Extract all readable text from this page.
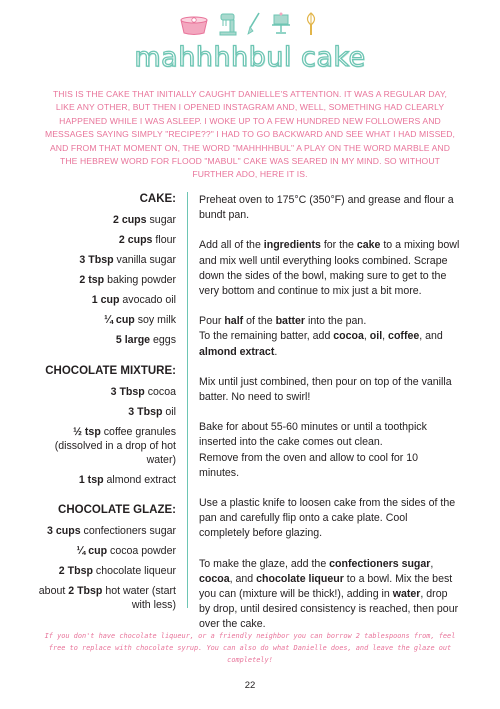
mahhhhbul cake
THIS IS THE CAKE THAT INITIALLY CAUGHT DANIELLE'S ATTENTION. IT WAS A REGULAR DAY, LIKE ANY OTHER, BUT THEN I OPENED INSTAGRAM AND, WELL, SOMETHING HAD CLEARLY HAPPENED WHILE I WAS ASLEEP. I WOKE UP TO A FEW HUNDRED NEW FOLLOWERS AND MESSAGES SAYING SIMPLY "RECIPE??" I HAD TO GO BACKWARD AND SEE WHAT I HAD MISSED, AND FROM THAT MOMENT ON, THE WORD "MAHHHHBUL" A PLAY ON THE WORD MARBLE AND THE HEBREW WORD FOR FLOOD "MABUL" CAKE WAS SEARED IN MY MIND. SO WITHOUT FURTHER ADO, HERE IT IS.
CAKE:
2 cups sugar
2 cups flour
3 Tbsp vanilla sugar
2 tsp baking powder
1 cup avocado oil
¼ cup soy milk
5 large eggs
CHOCOLATE MIXTURE:
3 Tbsp cocoa
3 Tbsp oil
½ tsp coffee granules (dissolved in a drop of hot water)
1 tsp almond extract
CHOCOLATE GLAZE:
3 cups confectioners sugar
¼ cup cocoa powder
2 Tbsp chocolate liqueur
about 2 Tbsp hot water (start with less)

Preheat oven to 175°C (350°F) and grease and flour a bundt pan.

Add all of the ingredients for the cake to a mixing bowl and mix well until everything looks combined. Scrape down the sides of the bowl, making sure to get to the very bottom and continue to mix just a bit more.

Pour half of the batter into the pan.
To the remaining batter, add cocoa, oil, coffee, and almond extract.

Mix until just combined, then pour on top of the vanilla batter. No need to swirl!

Bake for about 55-60 minutes or until a toothpick inserted into the cake comes out clean.
Remove from the oven and allow to cool for 10 minutes.

Use a plastic knife to loosen cake from the sides of the pan and carefully flip onto a cake plate. Cool completely before glazing.

To make the glaze, add the confectioners sugar, cocoa, and chocolate liqueur to a bowl. Mix the best you can (mixture will be thick!), adding in water, drop by drop, until desired consistency is reached, then pour over the cake.

If you don't have chocolate liqueur, or a friendly neighbor you can borrow 2 tablespoons from, feel free to replace with chocolate syrup. You can also do what Danielle does, and leave the glaze out completely!
22
